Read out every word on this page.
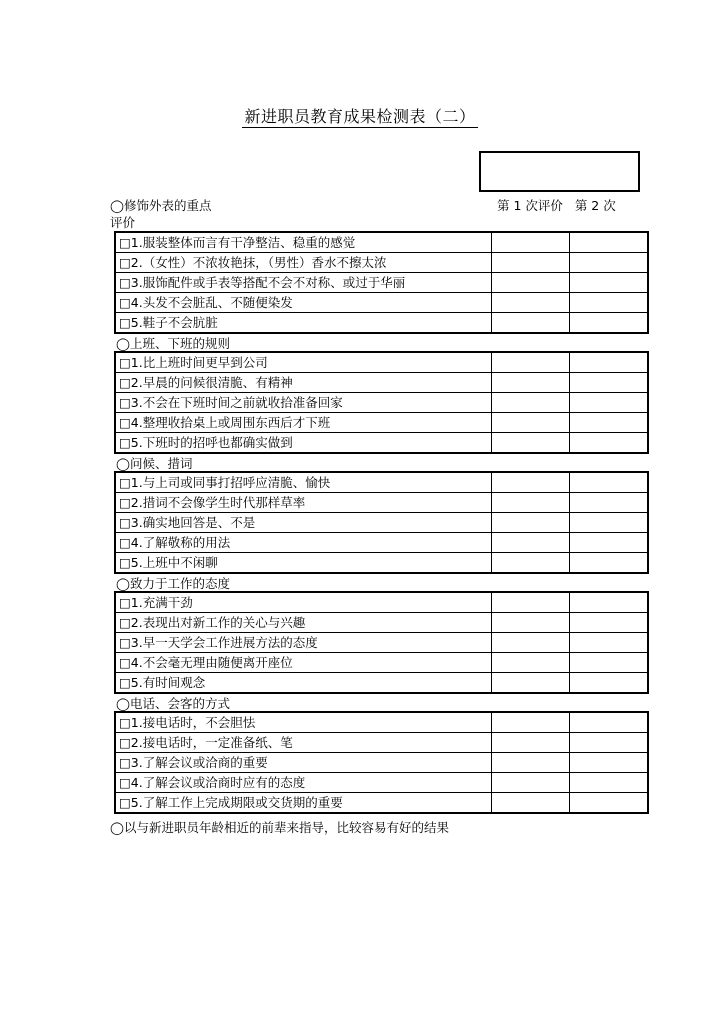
新进职员教育成果检测表（二）
◯修饰外表的重点	第 1 次评价 第 2 次
评价
□1.服装整体而言有干净整洁、稳重的感觉		
□2.（女性）不浓妆艳抹，（男性）香水不擦太浓		
□3.服饰配件或手表等搭配不会不对称、或过于华丽		
□4.头发不会脏乱、不随便染发		
□5.鞋子不会肮脏		
◯上班、下班的规则
□1.比上班时间更早到公司		
□2.早晨的问候很清脆、有精神		
□3.不会在下班时间之前就收拾准备回家		
□4.整理收拾桌上或周围东西后才下班		
□5.下班时的招呼也都确实做到		
◯问候、措词
□1.与上司或同事打招呼应清脆、愉快		
□2.措词不会像学生时代那样草率		
□3.确实地回答是、不是		
□4.了解敬称的用法		
□5.上班中不闲聊		
◯致力于工作的态度
□1.充满干劲		
□2.表现出对新工作的关心与兴趣		
□3.早一天学会工作进展方法的态度		
□4.不会毫无理由随便离开座位		
□5.有时间观念		
◯电话、会客的方式
□1.接电话时，不会胆怯		
□2.接电话时，一定准备纸、笔		
□3.了解会议或洽商的重要		
□4.了解会议或洽商时应有的态度		
□5.了解工作上完成期限或交货期的重要		
◯以与新进职员年龄相近的前辈来指导，比较容易有好的结果
